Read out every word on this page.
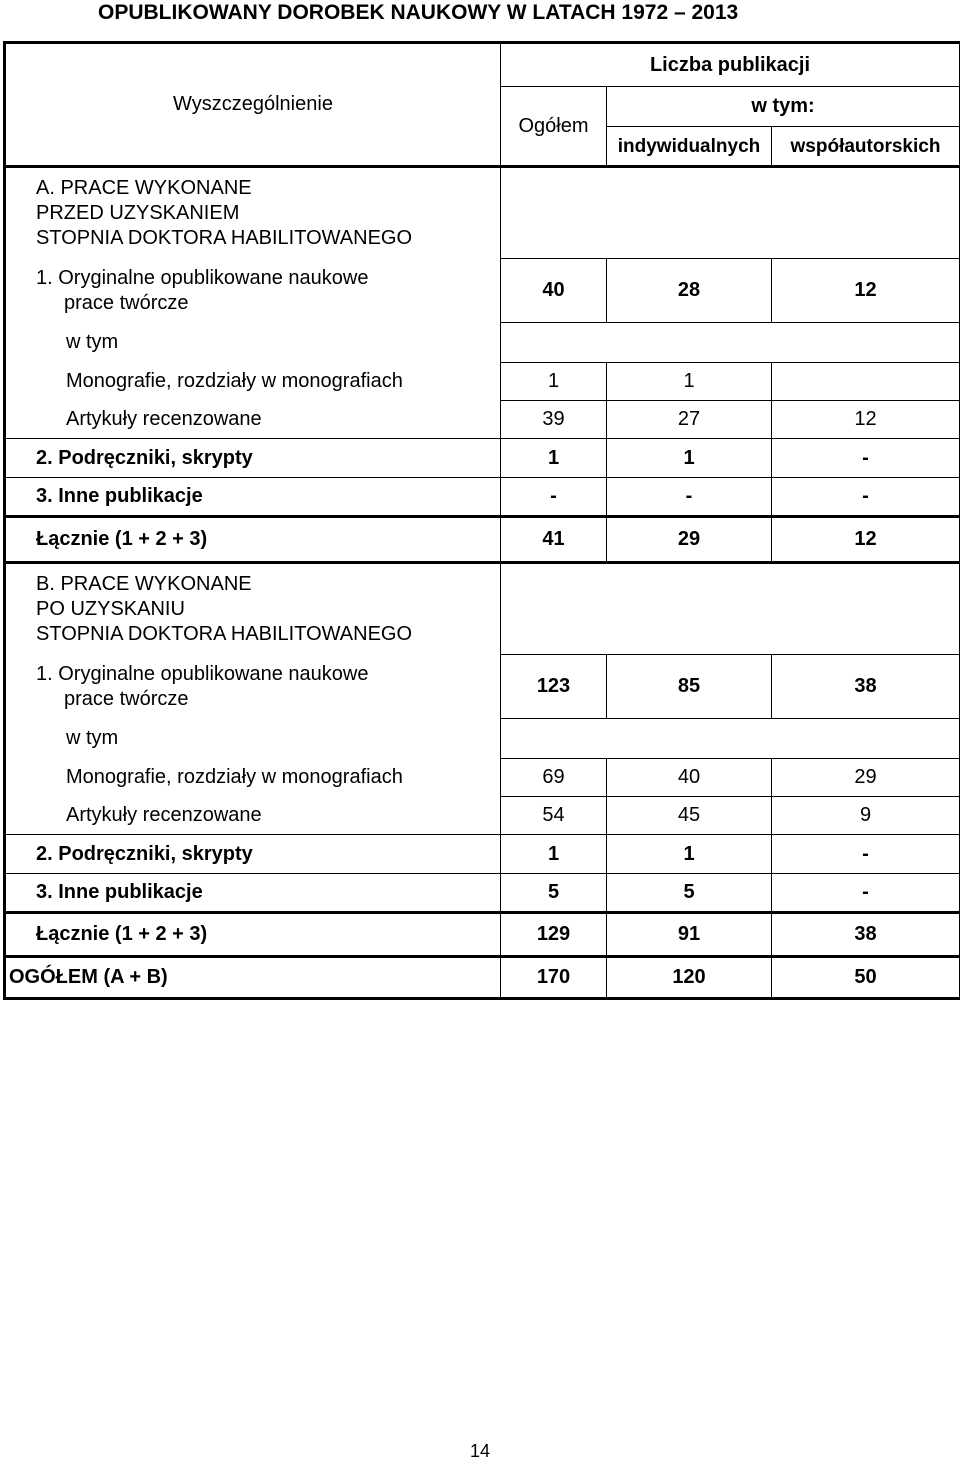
OPUBLIKOWANY DOROBEK NAUKOWY W LATACH 1972 – 2013
Wyszczególnienie	Liczba publikacji		
	Ogółem	w tym:	
		indywidualnych	współautorskich

A. PRACE WYKONANE
PRZED UZYSKANIEM
STOPNIA DOKTORA HABILITOWANEGO			

1. Oryginalne opublikowane naukowe
prace twórcze	40	28	12
w tym			
Monografie, rozdziały w monografiach	1	1	
Artykuły recenzowane	39	27	12
2. Podręczniki, skrypty	1	1	-
3. Inne publikacje	-	-	-
Łącznie (1 + 2 + 3)	41	29	12

B. PRACE WYKONANE
PO UZYSKANIU
STOPNIA DOKTORA HABILITOWANEGO			

1. Oryginalne opublikowane naukowe
prace twórcze	123	85	38
w tym			
Monografie, rozdziały w monografiach	69	40	29
Artykuły recenzowane	54	45	9
2. Podręczniki, skrypty	1	1	-
3. Inne publikacje	5	5	-
Łącznie (1 + 2 + 3)	129	91	38
OGÓŁEM (A + B)	170	120	50
14
